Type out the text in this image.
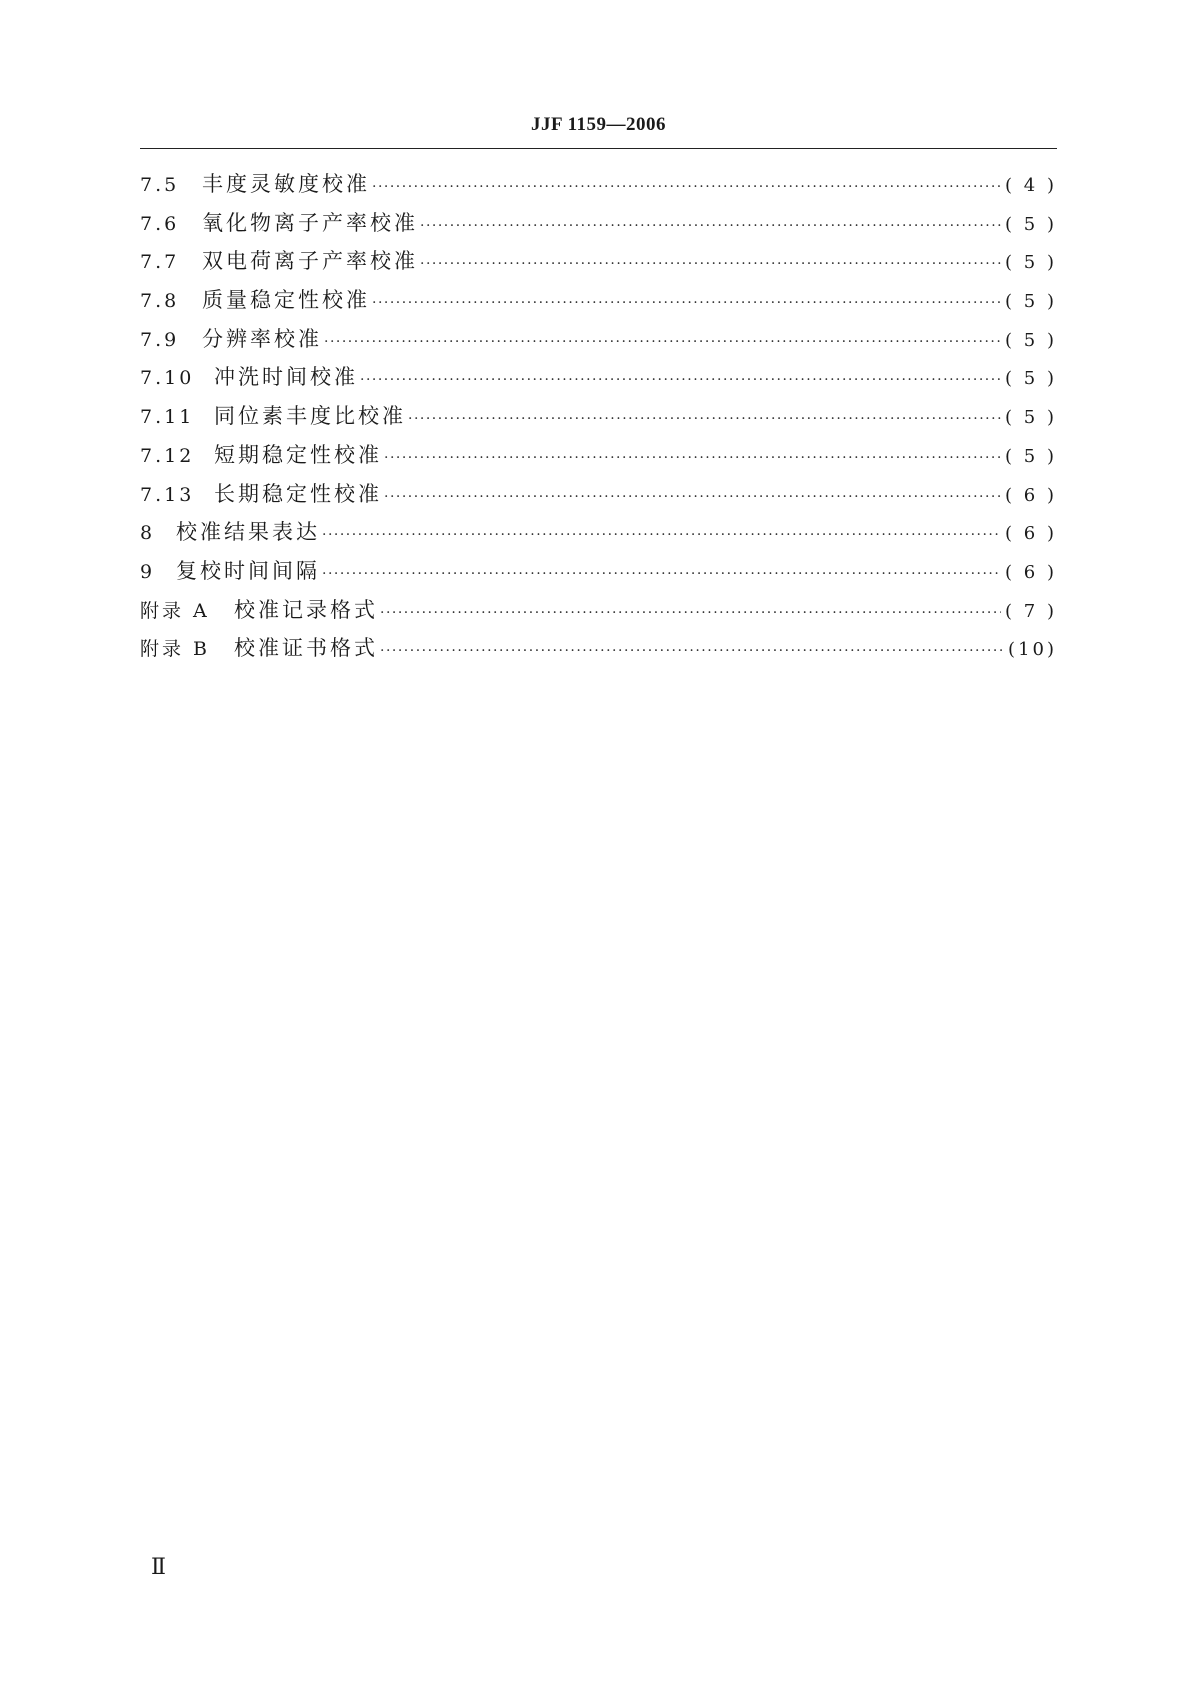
JJF 1159—2006
7.5	丰度灵敏度校准 ·····	( 4 )
7.6	氧化物离子产率校准 ·····	( 5 )
7.7	双电荷离子产率校准 ·····	( 5 )
7.8	质量稳定性校准 ·····	( 5 )
7.9	分辨率校准 ·····	( 5 )
7.10 冲洗时间校准 ·····	( 5 )
7.11 同位素丰度比校准 ·····	( 5 )
7.12 短期稳定性校准 ·····	( 5 )
7.13 长期稳定性校准 ·····	( 6 )
8 校准结果表达 ·····	( 6 )
9 复校时间间隔 ·····	( 6 )
附录 A	校准记录格式 ·····	( 7 )
附录 B	校准证书格式 ·····	(10)
Ⅱ
